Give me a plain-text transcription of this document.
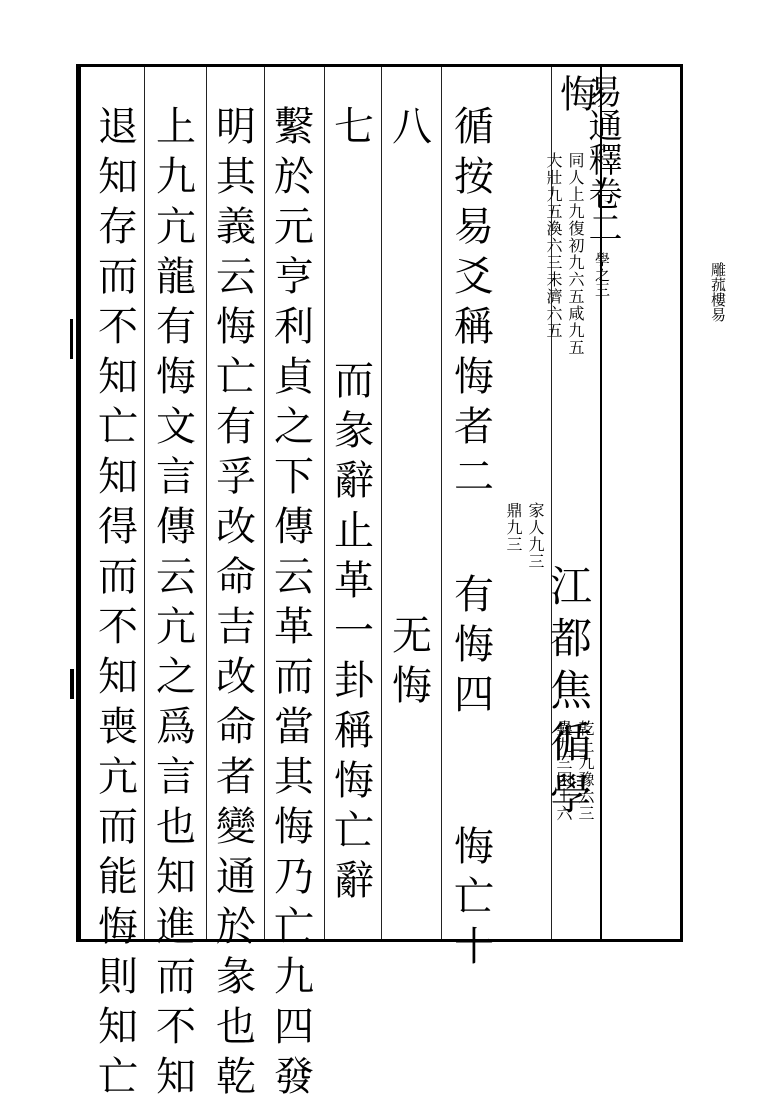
易通釋卷二
學之三	雕菰樓易
悔
江都焦循學
循
按
易
爻
稱
悔
者
二
家人九三
鼎九三
有
悔
四
乾上九豫六三
蠱九三困上六
悔
亡
十
八
无
悔
七
同人上九復初九六五咸九五
大壯九五渙六三未濟六五
而
彖
辭
止
革
一
卦
稱
悔
亡
辭
繫
於
元
亨
利
貞
之
下
傳
云
革
而
當
其
悔
乃
亡
九
四
發
明
其
義
云
悔
亡
有
孚
改
命
吉
改
命
者
變
通
於
彖
也
乾
上
九
亢
龍
有
悔
文
言
傳
云
亢
之
爲
言
也
知
進
而
不
知
退
知
存
而
不
知
亡
知
得
而
不
知
喪
亢
而
能
悔
則
知
亡
